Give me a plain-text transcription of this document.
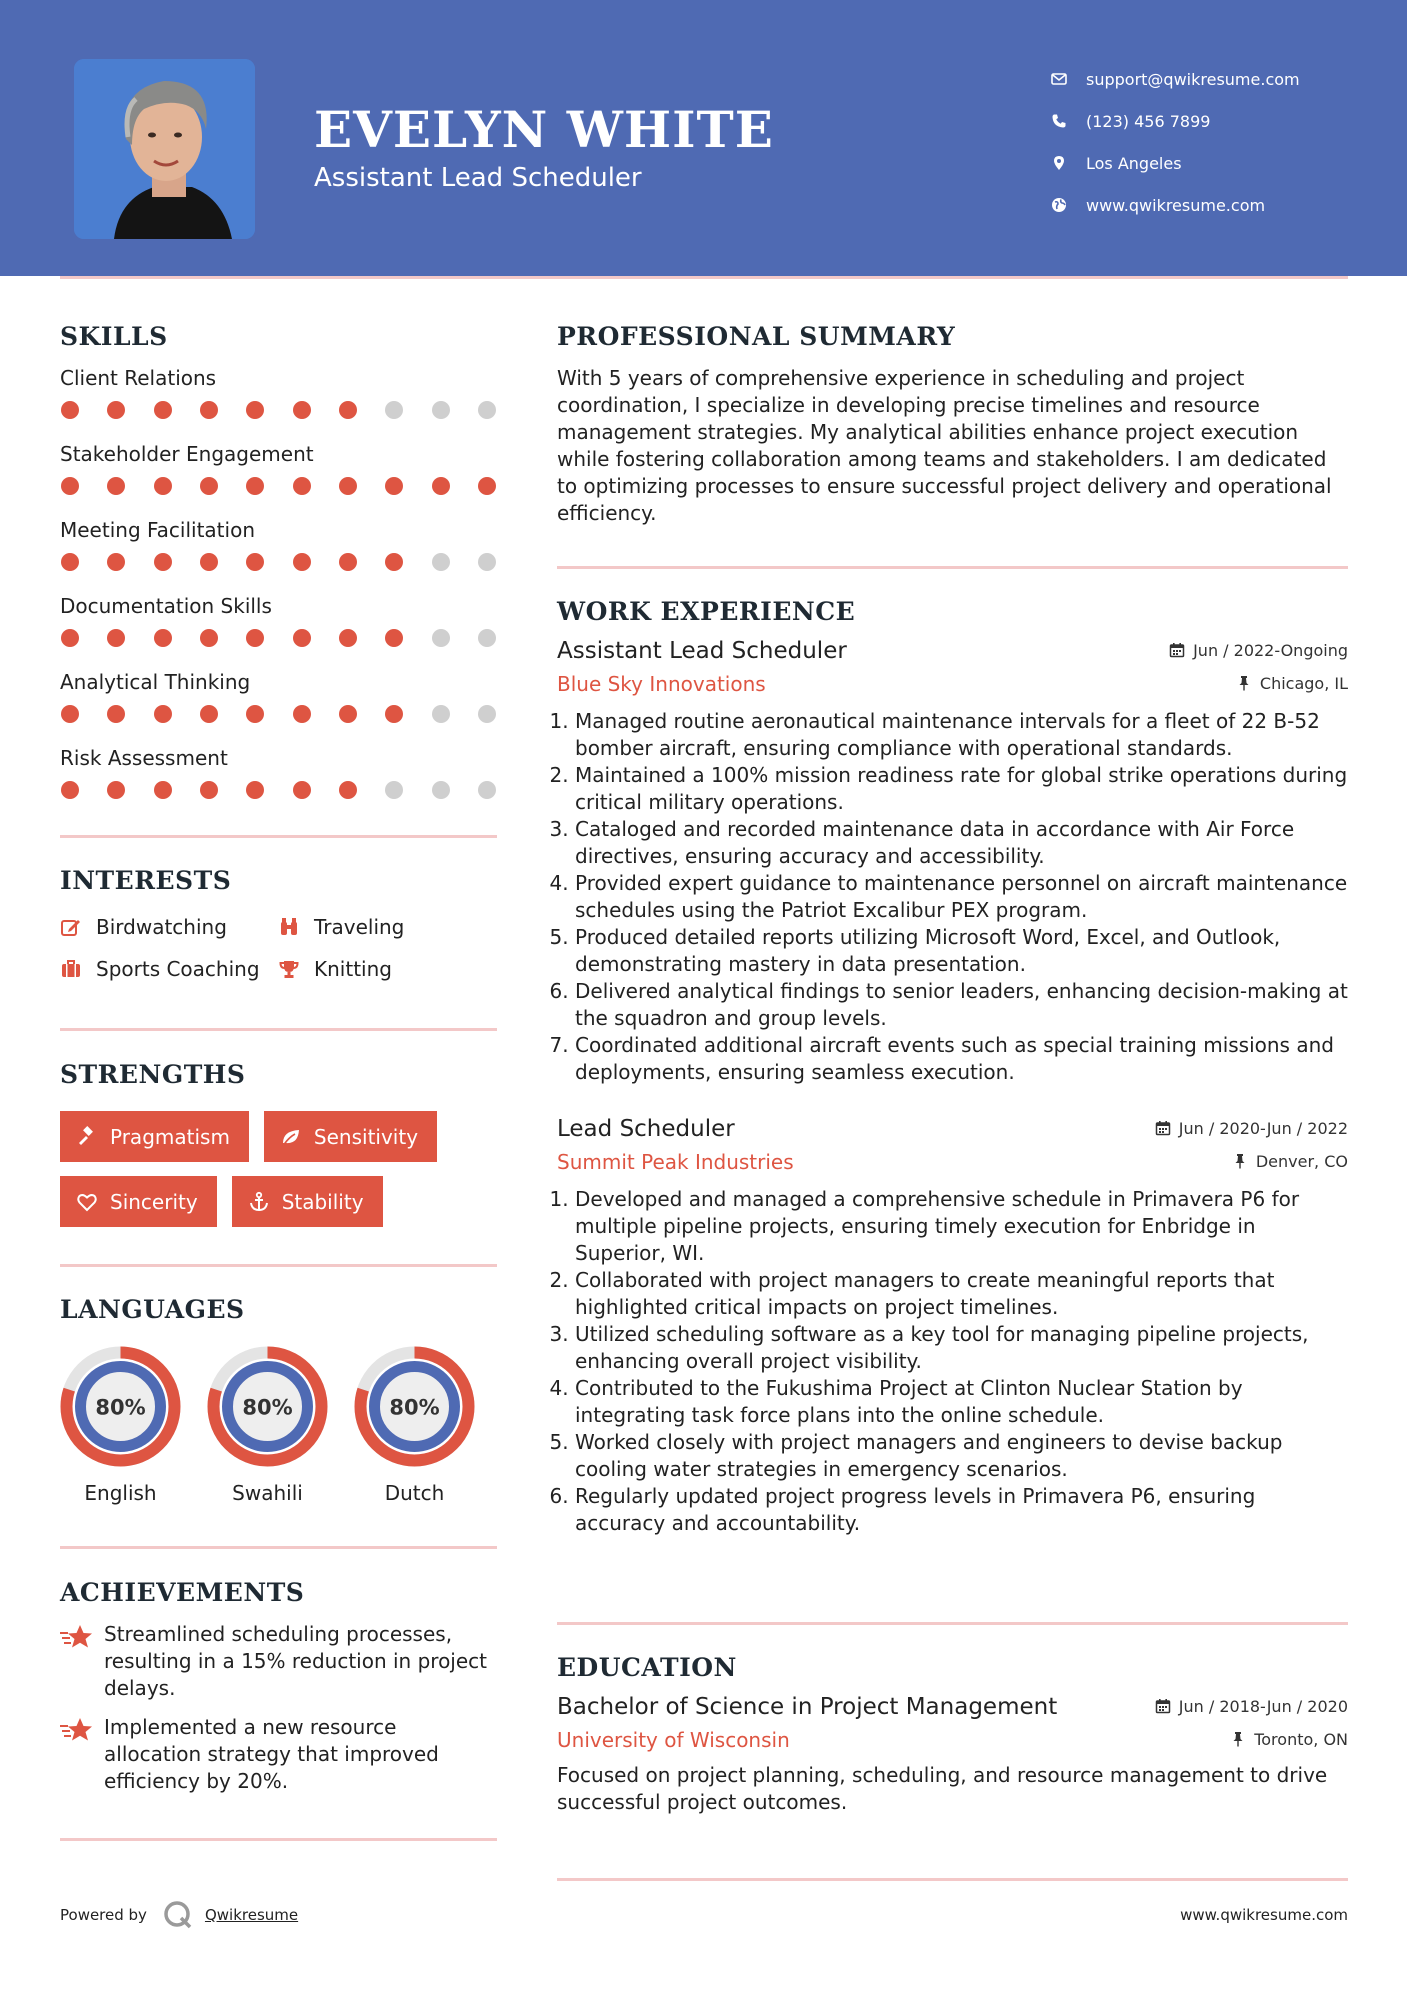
EVELYN WHITE
Assistant Lead Scheduler
support@qwikresume.com
(123) 456 7899
Los Angeles
www.qwikresume.com
SKILLS
Client Relations
Stakeholder Engagement
Meeting Facilitation
Documentation Skills
Analytical Thinking
Risk Assessment
INTERESTS
Birdwatching	Traveling
Sports Coaching	Knitting
STRENGTHS
Pragmatism	Sensitivity
Sincerity	Stability
LANGUAGES
80%
English
80%
Swahili
80%
Dutch
ACHIEVEMENTS
Streamlined scheduling processes, resulting in a 15% reduction in project delays.
Implemented a new resource allocation strategy that improved efficiency by 20%.
PROFESSIONAL SUMMARY
With 5 years of comprehensive experience in scheduling and project coordination, I specialize in developing precise timelines and resource management strategies. My analytical abilities enhance project execution while fostering collaboration among teams and stakeholders. I am dedicated to optimizing processes to ensure successful project delivery and operational efficiency.
WORK EXPERIENCE
Assistant Lead Scheduler	Jun / 2022-Ongoing
Blue Sky Innovations	Chicago, IL
1. Managed routine aeronautical maintenance intervals for a fleet of 22 B-52 bomber aircraft, ensuring compliance with operational standards.
2. Maintained a 100% mission readiness rate for global strike operations during critical military operations.
3. Cataloged and recorded maintenance data in accordance with Air Force directives, ensuring accuracy and accessibility.
4. Provided expert guidance to maintenance personnel on aircraft maintenance schedules using the Patriot Excalibur PEX program.
5. Produced detailed reports utilizing Microsoft Word, Excel, and Outlook, demonstrating mastery in data presentation.
6. Delivered analytical findings to senior leaders, enhancing decision-making at the squadron and group levels.
7. Coordinated additional aircraft events such as special training missions and deployments, ensuring seamless execution.
Lead Scheduler	Jun / 2020-Jun / 2022
Summit Peak Industries	Denver, CO
1. Developed and managed a comprehensive schedule in Primavera P6 for multiple pipeline projects, ensuring timely execution for Enbridge in Superior, WI.
2. Collaborated with project managers to create meaningful reports that highlighted critical impacts on project timelines.
3. Utilized scheduling software as a key tool for managing pipeline projects, enhancing overall project visibility.
4. Contributed to the Fukushima Project at Clinton Nuclear Station by integrating task force plans into the online schedule.
5. Worked closely with project managers and engineers to devise backup cooling water strategies in emergency scenarios.
6. Regularly updated project progress levels in Primavera P6, ensuring accuracy and accountability.
EDUCATION
Bachelor of Science in Project Management	Jun / 2018-Jun / 2020
University of Wisconsin	Toronto, ON
Focused on project planning, scheduling, and resource management to drive successful project outcomes.
Powered by	Qwikresume	www.qwikresume.com
